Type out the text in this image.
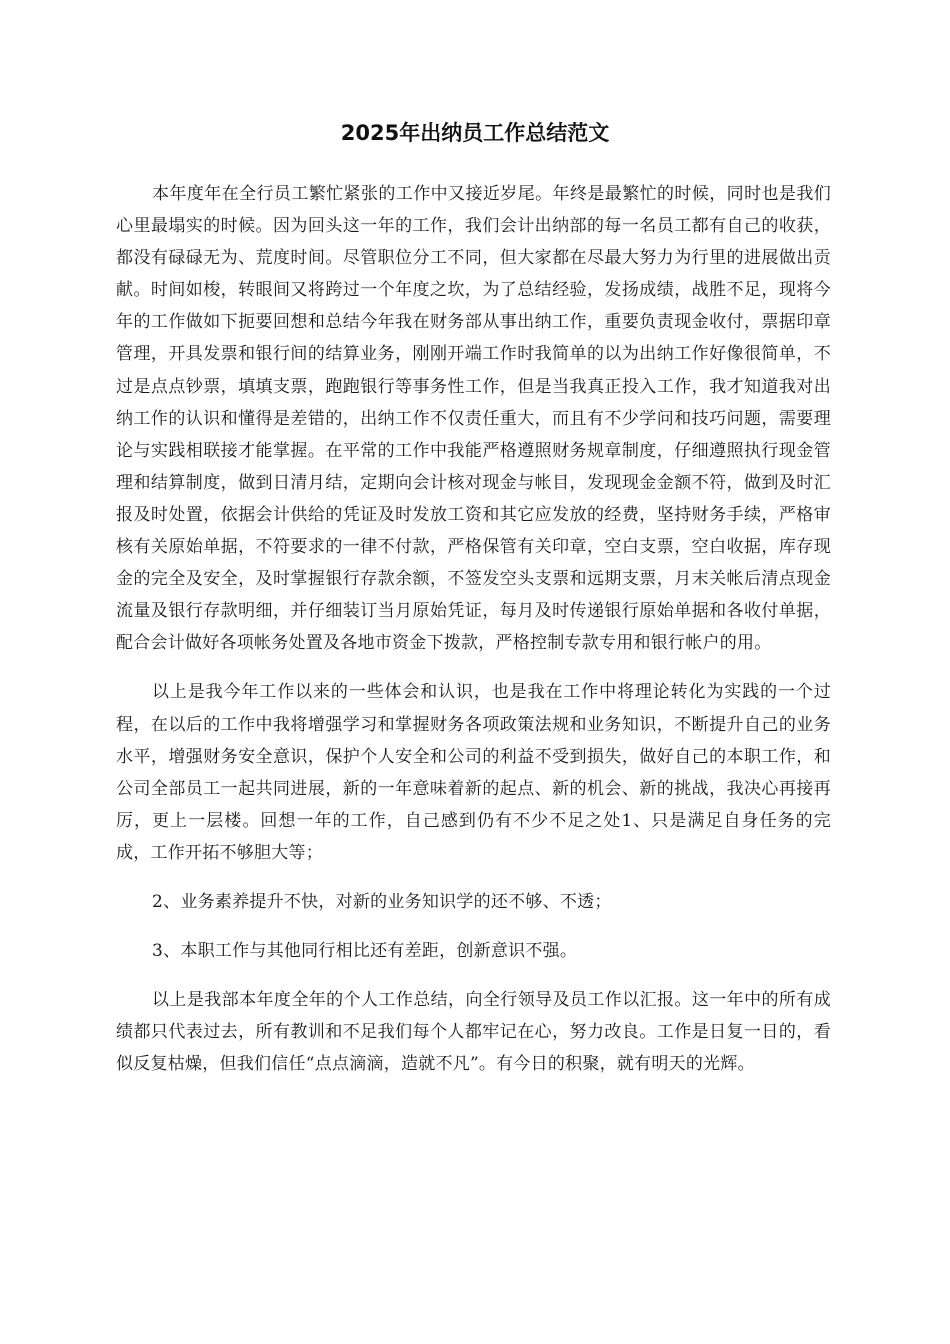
2025年出纳员工作总结范文

本年度年在全行员工繁忙紧张的工作中又接近岁尾。年终是最繁忙的时候，同时也是我们心里最塌实的时候。因为回头这一年的工作，我们会计出纳部的每一名员工都有自己的收获，都没有碌碌无为、荒度时间。尽管职位分工不同，但大家都在尽最大努力为行里的进展做出贡献。时间如梭，转眼间又将跨过一个年度之坎，为了总结经验，发扬成绩，战胜不足，现将今年的工作做如下扼要回想和总结今年我在财务部从事出纳工作，重要负责现金收付，票据印章管理，开具发票和银行间的结算业务，刚刚开端工作时我简单的以为出纳工作好像很简单，不过是点点钞票，填填支票，跑跑银行等事务性工作，但是当我真正投入工作，我才知道我对出纳工作的认识和懂得是差错的，出纳工作不仅责任重大，而且有不少学问和技巧问题，需要理论与实践相联接才能掌握。在平常的工作中我能严格遵照财务规章制度，仔细遵照执行现金管理和结算制度，做到日清月结，定期向会计核对现金与帐目，发现现金金额不符，做到及时汇报及时处置，依据会计供给的凭证及时发放工资和其它应发放的经费，坚持财务手续，严格审核有关原始单据，不符要求的一律不付款，严格保管有关印章，空白支票，空白收据，库存现金的完全及安全，及时掌握银行存款余额，不签发空头支票和远期支票，月末关帐后清点现金流量及银行存款明细，并仔细装订当月原始凭证，每月及时传递银行原始单据和各收付单据，配合会计做好各项帐务处置及各地市资金下拨款，严格控制专款专用和银行帐户的用。

以上是我今年工作以来的一些体会和认识，也是我在工作中将理论转化为实践的一个过程，在以后的工作中我将增强学习和掌握财务各项政策法规和业务知识，不断提升自己的业务水平，增强财务安全意识，保护个人安全和公司的利益不受到损失，做好自己的本职工作，和公司全部员工一起共同进展，新的一年意味着新的起点、新的机会、新的挑战，我决心再接再厉，更上一层楼。回想一年的工作，自己感到仍有不少不足之处1、只是满足自身任务的完成，工作开拓不够胆大等；

2、业务素养提升不快，对新的业务知识学的还不够、不透；

3、本职工作与其他同行相比还有差距，创新意识不强。

以上是我部本年度全年的个人工作总结，向全行领导及员工作以汇报。这一年中的所有成绩都只代表过去，所有教训和不足我们每个人都牢记在心，努力改良。工作是日复一日的，看似反复枯燥，但我们信任“点点滴滴，造就不凡”。有今日的积聚，就有明天的光辉。
